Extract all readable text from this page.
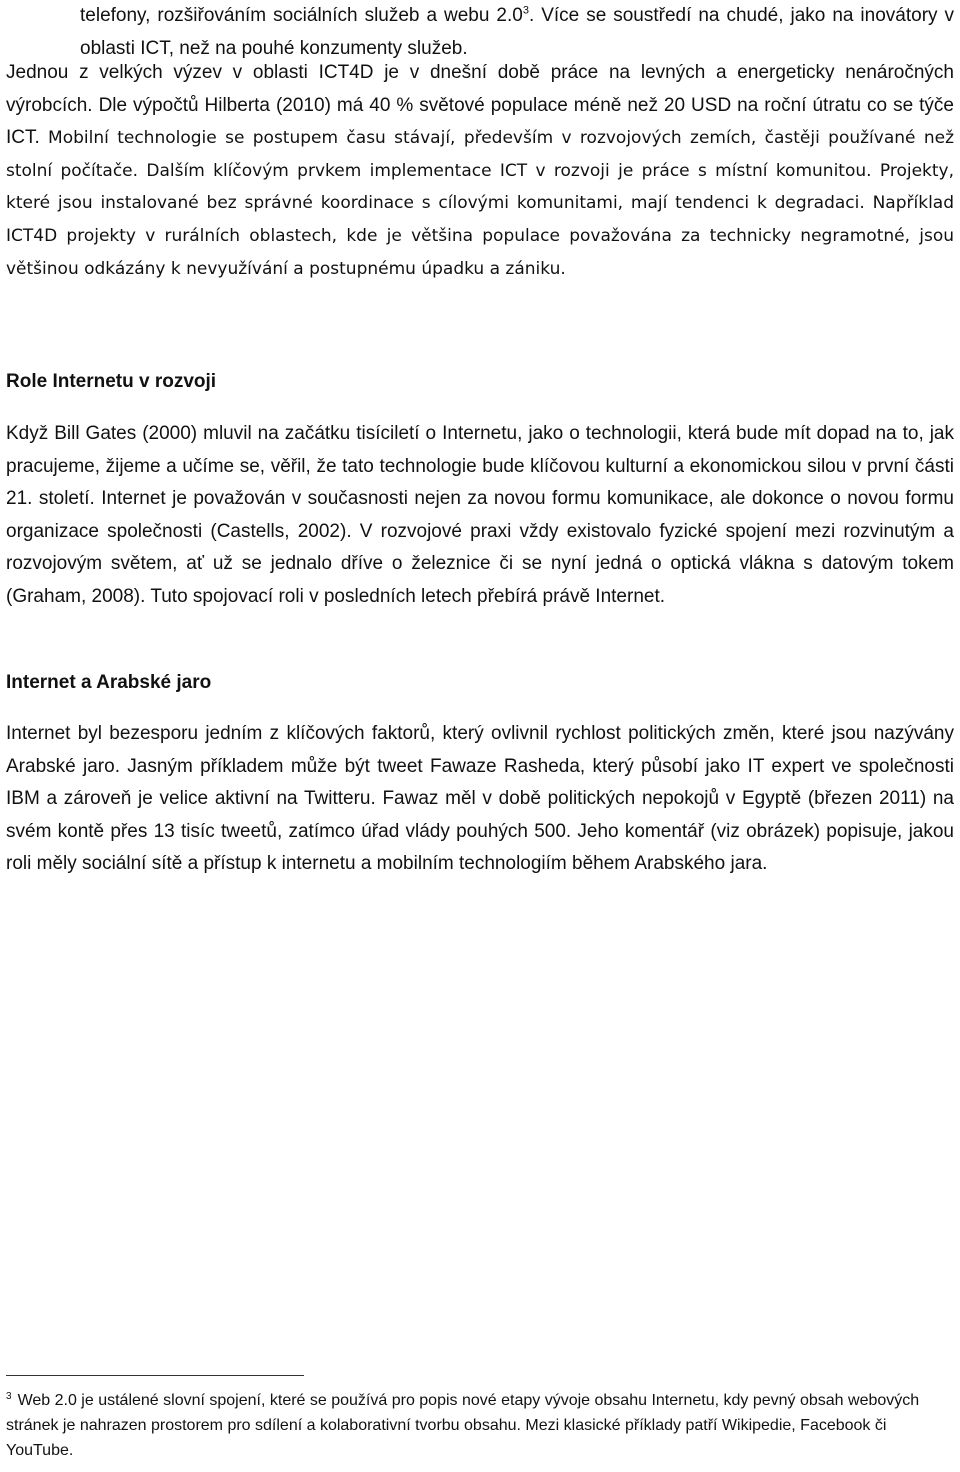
telefony, rozšiřováním sociálních služeb a webu $2.0^3$. Více se soustředí na chudé, jako na inovátory v oblasti ICT, než na pouhé konzumenty služeb.

Jednou z velkých výzev v oblasti ICT4D je v dnešní době práce na levných a energeticky nenáročných výrobcích. Dle výpočtů Hilberta (2010) má 40 % světové populace méně než 20 USD na roční útratu co se týče ICT. Mobilní technologie se postupem času stávají, především v rozvojových zemích, častěji používané než stolní počítače. Dalším klíčovým prvkem implementace ICT v rozvoji je práce s místní komunitou. Projekty, které jsou instalované bez správné koordinace s cílovými komunitami, mají tendenci k degradaci. Například ICT4D projekty v rurálních oblastech, kde je většina populace považována za technicky negramotné, jsou většinou odkázány k nevyužívání a postupnému úpadku a zániku.

Role Internetu v rozvoji

Když Bill Gates (2000) mluvil na začátku tisíciletí o Internetu, jako o technologii, která bude mít dopad na to, jak pracujeme, žijeme a učíme se, věřil, že tato technologie bude klíčovou kulturní a ekonomickou silou v první části 21. století. Internet je považován v současnosti nejen za novou formu komunikace, ale dokonce o novou formu organizace společnosti (Castells, 2002). V rozvojové praxi vždy existovalo fyzické spojení mezi rozvinutým a rozvojovým světem, ať už se jednalo dříve o železnice či se nyní jedná o optická vlákna s datovým tokem (Graham, 2008). Tuto spojovací roli v posledních letech přebírá právě Internet.

Internet a Arabské jaro

Internet byl bezesporu jedním z klíčových faktorů, který ovlivnil rychlost politických změn, které jsou nazývány Arabské jaro. Jasným příkladem může být tweet Fawaze Rasheda, který působí jako IT expert ve společnosti IBM a zároveň je velice aktivní na Twitteru. Fawaz měl v době politických nepokojů v Egyptě (březen 2011) na svém kontě přes 13 tisíc tweetů, zatímco úřad vlády pouhých 500. Jeho komentář (viz obrázek) popisuje, jakou roli měly sociální sítě a přístup k internetu a mobilním technologiím během Arabského jara.

$^3$ Web 2.0 je ustálené slovní spojení, které se používá pro popis nové etapy vývoje obsahu Internetu, kdy pevný obsah webových stránek je nahrazen prostorem pro sdílení a kolaborativní tvorbu obsahu. Mezi klasické příklady patří Wikipedie, Facebook či YouTube.
